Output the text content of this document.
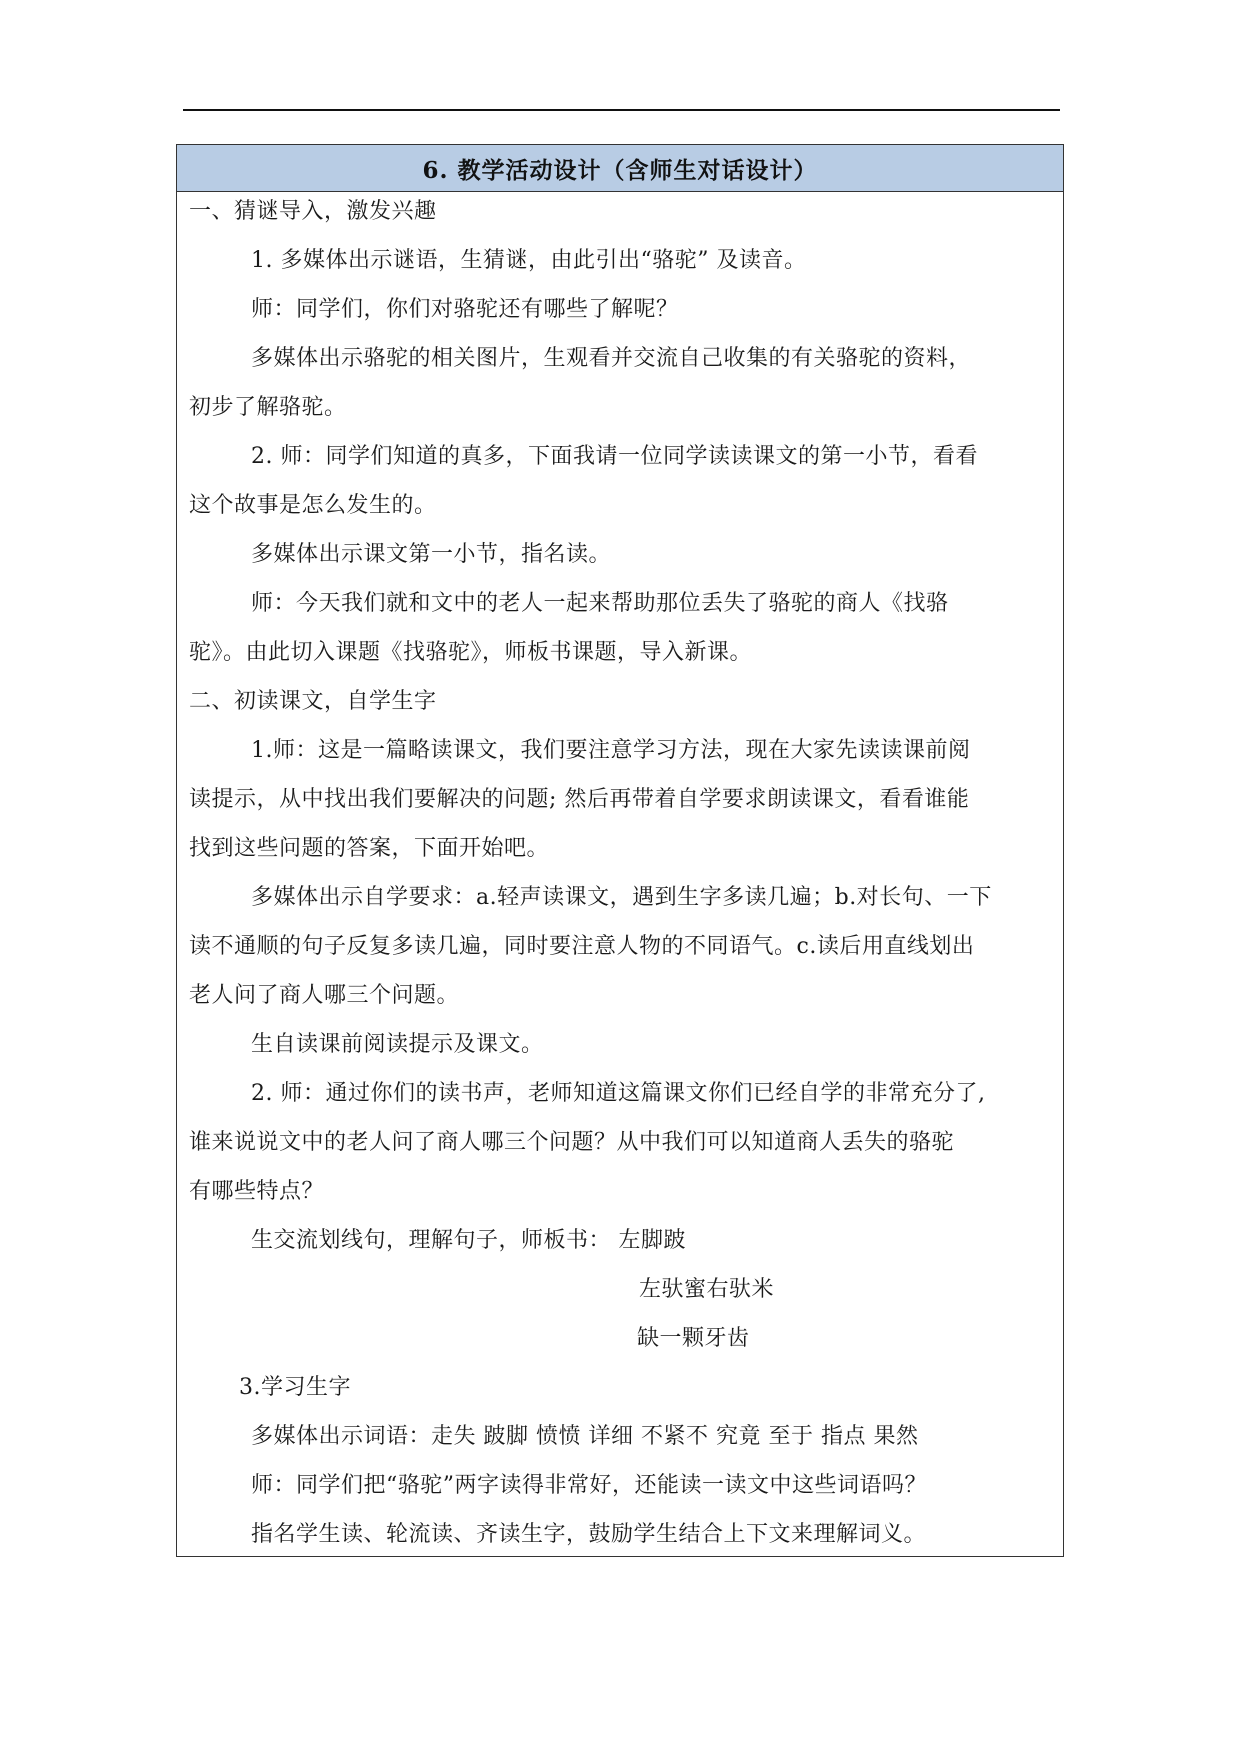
6. 教学活动设计（含师生对话设计）
一、猜谜导入，激发兴趣
1. 多媒体出示谜语，生猜谜，由此引出“骆驼” 及读音。
师：同学们，你们对骆驼还有哪些了解呢？
多媒体出示骆驼的相关图片，生观看并交流自己收集的有关骆驼的资料，
初步了解骆驼。
2. 师：同学们知道的真多，下面我请一位同学读读课文的第一小节，看看
这个故事是怎么发生的。
多媒体出示课文第一小节，指名读。
师：今天我们就和文中的老人一起来帮助那位丢失了骆驼的商人《找骆
驼》。由此切入课题《找骆驼》，师板书课题，导入新课。
二、初读课文，自学生字
1.师：这是一篇略读课文，我们要注意学习方法，现在大家先读读课前阅
读提示，从中找出我们要解决的问题; 然后再带着自学要求朗读课文，看看谁能
找到这些问题的答案，下面开始吧。
多媒体出示自学要求：a.轻声读课文，遇到生字多读几遍；b.对长句、一下
读不通顺的句子反复多读几遍，同时要注意人物的不同语气。c.读后用直线划出
老人问了商人哪三个问题。
生自读课前阅读提示及课文。
2. 师：通过你们的读书声，老师知道这篇课文你们已经自学的非常充分了,
谁来说说文中的老人问了商人哪三个问题？从中我们可以知道商人丢失的骆驼
有哪些特点？
生交流划线句，理解句子，师板书： 左脚跛
左驮蜜右驮米
缺一颗牙齿
3.学习生字
多媒体出示词语：走失 跛脚 愤愤 详细 不紧不 究竟 至于 指点 果然
师：同学们把“骆驼”两字读得非常好，还能读一读文中这些词语吗？
指名学生读、轮流读、齐读生字，鼓励学生结合上下文来理解词义。
